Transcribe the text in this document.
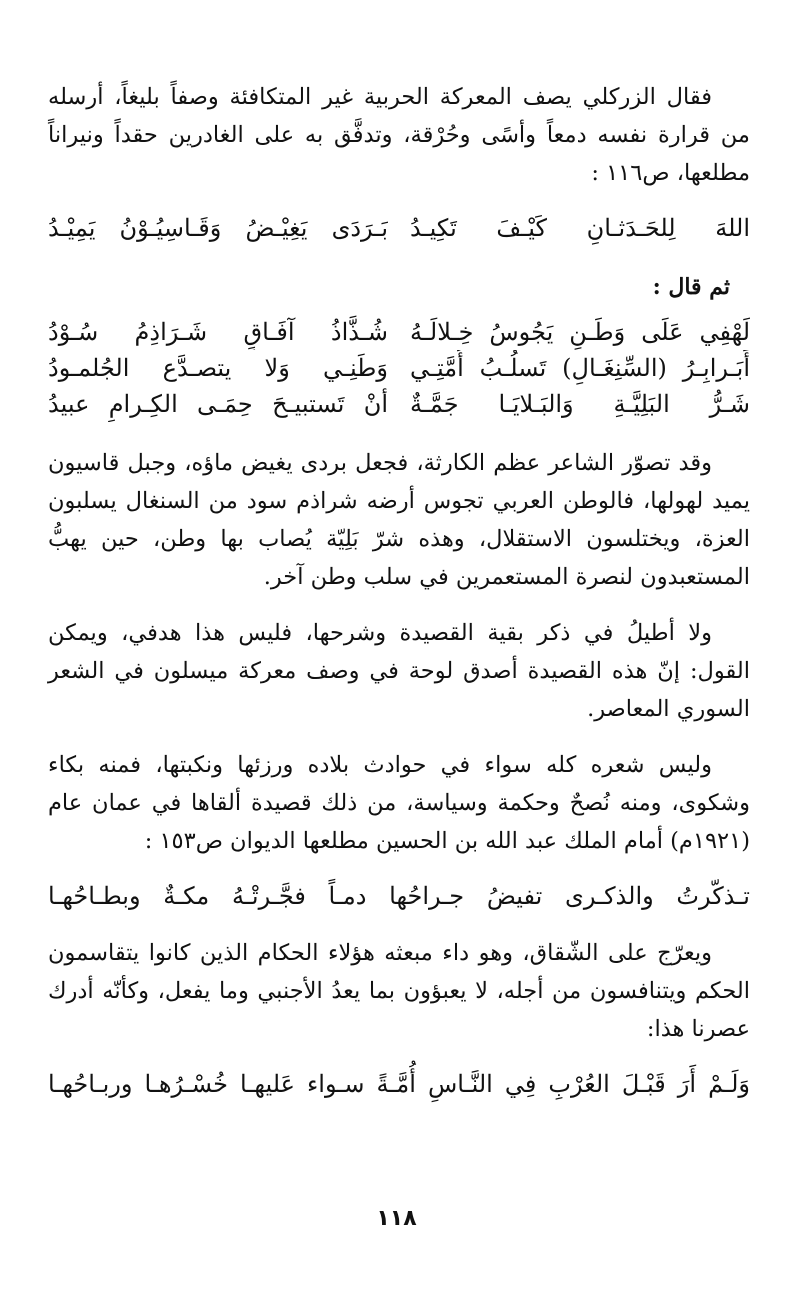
فقال الزركلي يصف المعركة الحربية غير المتكافئة وصفاً بليغاً، أرسله من قرارة نفسه دمعاً وأسًى وحُرْقة، وتدفَّق به على الغادرين حقداً ونيراناً مطلعها، ص١١٦ :

اللهَ لِلحَـدَثـانِ كَيْـفَ تَكِيـدُ
بَـرَدَى يَغِيْـضُ وَقَـاسِيُـوْنُ يَمِيْـدُ
ثم قال :
لَهْفِي عَلَى وَطَـنٍ يَجُوسُ خِـلالَـهُ
شُـذَّاذُ آفَـاقٍ شَـرَاذِمُ سُـوْدُ
أَبَـرابِـرُ (السِّنِغَـالِ) تَسلُـبُ أُمَّتِـي
وَطَنِـي وَلا يتصـدَّع الجُلمـودُ
شَـرُّ البَلِيَّـةِ وَالبَـلايَـا جَمَّـةٌ
أنْ تَستبيـحَ حِمَـى الكِـرامِ عبيدُ

وقد تصوّر الشاعر عظم الكارثة، فجعل بردى يغيض ماؤه، وجبل قاسيون يميد لهولها، فالوطن العربي تجوس أرضه شراذم سود من السنغال يسلبون العزة، ويختلسون الاستقلال، وهذه شرّ بَلِيّة يُصاب بها وطن، حين يهبُّ المستعبدون لنصرة المستعمرين في سلب وطن آخر.

ولا أطيلُ في ذكر بقية القصيدة وشرحها، فليس هذا هدفي، ويمكن القول: إنّ هذه القصيدة أصدق لوحة في وصف معركة ميسلون في الشعر السوري المعاصر.

وليس شعره كله سواء في حوادث بلاده ورزئها ونكبتها، فمنه بكاء وشكوى، ومنه نُصحٌ وحكمة وسياسة، من ذلك قصيدة ألقاها في عمان عام (١٩٢١م) أمام الملك عبد الله بن الحسين مطلعها الديوان ص١٥٣ :

تـذكّرتُ والذكـرى تفيضُ جـراحُها دمـاً فجَّـرتْـهُ مكـةٌ وبطـاحُهـا

ويعرّج على الشّقاق، وهو داء مبعثه هؤلاء الحكام الذين كانوا يتقاسمون الحكم ويتنافسون من أجله، لا يعبؤون بما يعدُ الأجنبي وما يفعل، وكأنّه أدرك عصرنا هذا:

وَلَـمْ أَرَ قَبْـلَ العُرْبِ فِي النَّـاسِ أُمَّـةً سـواء عَليهـا خُسْـرُهـا وربـاحُهـا
١١٨
